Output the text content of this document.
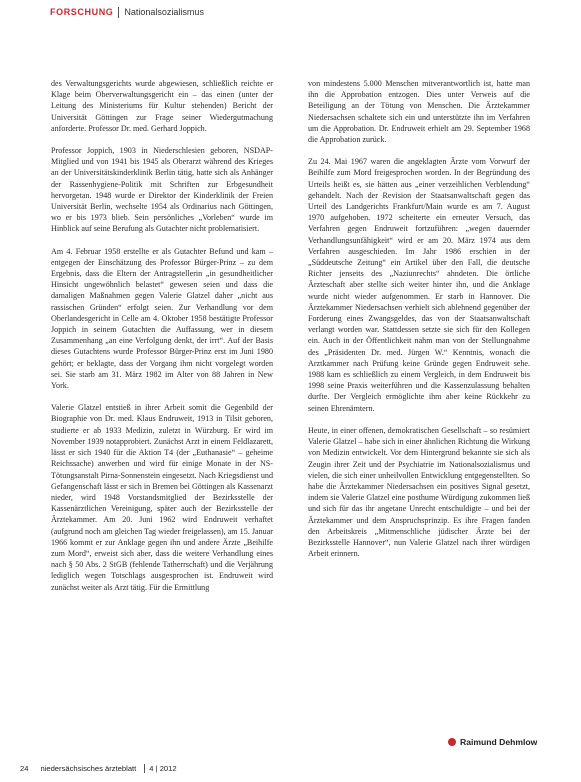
FORSCHUNG Nationalsozialismus

des Verwaltungsgerichts wurde abgewiesen, schließlich reichte er Klage beim Oberverwaltungsgericht ein – das einen (unter der Leitung des Ministeriums für Kultur stehenden) Bericht der Universität Göttingen zur Frage seiner Wiedergutmachung anforderte. Professor Dr. med. Gerhard Joppich.

Professor Joppich, 1903 in Niederschlesien geboren, NSDAP-Mitglied und von 1941 bis 1945 als Oberarzt während des Krieges an der Universitätskinderklinik Berlin tätig, hatte sich als Anhänger der Rassenhygiene-Politik mit Schriften zur Erbgesundheit hervorgetan. 1948 wurde er Direktor der Kinderklinik der Freien Universität Berlin, wechselte 1954 als Ordinarius nach Göttingen, wo er bis 1973 blieb. Sein persönliches „Vorleben“ wurde im Hinblick auf seine Berufung als Gutachter nicht problematisiert.

Am 4. Februar 1958 erstellte er als Gutachter Befund und kam – entgegen der Einschätzung des Professor Bürger-Prinz – zu dem Ergebnis, dass die Eltern der Antragstellerin „in gesundheitlicher Hinsicht ungewöhnlich belastet“ gewesen seien und dass die damaligen Maßnahmen gegen Valerie Glatzel daher „nicht aus rassischen Gründen“ erfolgt seien. Zur Verhandlung vor dem Oberlandesgericht in Celle am 4. Oktober 1958 bestätigte Professor Joppich in seinem Gutachten die Auffassung, wer in diesem Zusammenhang „an eine Verfolgung denkt, der irrt“. Auf der Basis dieses Gutachtens wurde Professor Bürger-Prinz erst im Juni 1980 gehört; er beklagte, dass der Vorgang ihm nicht vorgelegt worden sei. Sie starb am 31. März 1982 im Alter von 88 Jahren in New York.

Valerie Glatzel entstieß in ihrer Arbeit somit die Gegenbild der Biographie von Dr. med. Klaus Endruweit, 1913 in Tilsit geboren, studierte er ab 1933 Medizin, zuletzt in Würzburg. Er wird im November 1939 notapprobiert. Zunächst Arzt in einem Feldlazarett, lässt er sich 1940 für die Aktion T4 (der „Euthanasie“ – geheime Reichssache) anwerben und wird für einige Monate in der NS-Tötungsanstalt Pirna-Sonnenstein eingesetzt. Nach Kriegsdienst und Gefangenschaft lässt er sich in Bremen bei Göttingen als Kassenarzt nieder, wird 1948 Vorstandsmitglied der Bezirksstelle der Kassenärztlichen Vereinigung, später auch der Bezirksstelle der Ärztekammer. Am 20. Juni 1962 wird Endruweit verhaftet (aufgrund noch am gleichen Tag wieder freigelassen), am 15. Januar 1966 kommt er zur Anklage gegen ihn und andere Ärzte „Beihilfe zum Mord“, erweist sich aber, dass die weitere Verhandlung eines nach § 50 Abs. 2 StGB (fehlende Tatherrschaft) und die Verjährung lediglich wegen Totschlags ausgesprochen ist. Endruweit wird zunächst weiter als Arzt tätig. Für die Ermittlung

von mindestens 5.000 Menschen mitverantwortlich ist, hatte man ihn die Approbation entzogen. Dies unter Verweis auf die Beteiligung an der Tötung von Menschen. Die Ärztekammer Niedersachsen schaltete sich ein und unterstützte ihn im Verfahren um die Approbation. Dr. Endruweit erhielt am 29. September 1968 die Approbation zurück.

Zu 24. Mai 1967 waren die angeklagten Ärzte vom Vorwurf der Beihilfe zum Mord freigesprochen worden. In der Begründung des Urteils heißt es, sie hätten aus „einer verzeihlichen Verblendung“ gehandelt. Nach der Revision der Staatsanwaltschaft gegen das Urteil des Landgerichts Frankfurt/Main wurde es am 7. August 1970 aufgehoben. 1972 scheiterte ein erneuter Versuch, das Verfahren gegen Endruweit fortzuführen: „wegen dauernder Verhandlungsunfähigkeit“ wird er am 20. März 1974 aus dem Verfahren ausgeschieden. Im Jahr 1986 erschien in der „Süddeutsche Zeitung“ ein Artikel über den Fall, die deutsche Richter jenseits des „Naziunrechts“ ahndeten. Die örtliche Ärzteschaft aber stellte sich weiter hinter ihn, und die Anklage wurde nicht wieder aufgenommen. Er starb in Hannover. Die Ärztekammer Niedersachsen verhielt sich ablehnend gegenüber der Forderung eines Zwangsgeldes, das von der Staatsanwaltschaft verlangt worden war. Stattdessen setzte sie sich für den Kollegen ein. Auch in der Öffentlichkeit nahm man von der Stellungnahme des „Präsidenten Dr. med. Jürgen W.“ Kenntnis, wonach die Arztkammer nach Prüfung keine Gründe gegen Endruweit sehe. 1988 kam es schließlich zu einem Vergleich, in dem Endruweit bis 1998 seine Praxis weiterführen und die Kassenzulassung behalten durfte. Der Vergleich ermöglichte ihm aber keine Rückkehr zu seinen Ehrenämtern.

Heute, in einer offenen, demokratischen Gesellschaft – so resümiert Valerie Glatzel – habe sich in einer ähnlichen Richtung die Wirkung von Medizin entwickelt. Vor dem Hintergrund bekannte sie sich als Zeugin ihrer Zeit und der Psychiatrie im Nationalsozialismus und vielen, die sich einer unheilvollen Entwicklung entgegenstellten. So habe die Ärztekammer Niedersachsen ein positives Signal gesetzt, indem sie Valerie Glatzel eine posthume Würdigung zukommen ließ und sich für das ihr angetane Unrecht entschuldigte – und bei der Ärztekammer und dem Anspruchsprinzip. Es ihre Fragen fanden den Arbeitskreis „Mitmenschliche jüdischer Ärzte bei der Bezirksstelle Hannover“, nun Valerie Glatzel nach ihrer würdigen Arbeit erinnern.

Raimund Dehmlow
24 niedersächsisches ärzteblatt 4 | 2012
